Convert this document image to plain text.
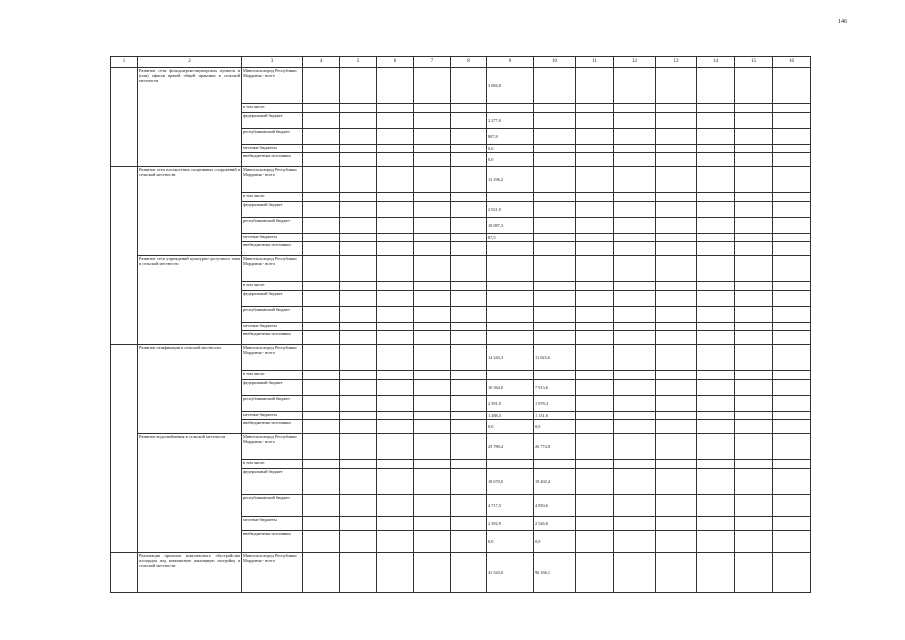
146
1	2	3	4	5	6	7	8	9	10	11	12	13	14	15	16
	Развитие сети фельдшерско-акушерских пунктов и (или) офисов врачей общей практики в сельской местности	Минсельхозпрод Республики Мордовия - всего						3 084,8							
		в том числе:													
		федеральный бюджет						2 277,0							
		республиканский бюджет						807,8							
		местные бюджеты						0,0							
		внебюджетные источники						0,0							
	Развитие сети плоскостных спортивных сооружений в сельской местности	Минсельхозпрод Республики Мордовия - всего						12 196,2							
		в том числе:													
		федеральный бюджет						2 021,9							
		республиканский бюджет						10 087,3							
		местные бюджеты						87,5							
		внебюджетные источники													
	Развитие сети учреждений культурно-досугового типа в сельской местности	Минсельхозпрод Республики Мордовия - всего													
		в том числе:													
		федеральный бюджет													
		республиканский бюджет													
		местные бюджеты													
		внебюджетные источники													
	Развитие газификации в сельской местности	Минсельхозпрод Республики Мордовия - всего						14 243,3	11 023,6						
		в том числе:													
		федеральный бюджет						10 364,0	7 913,6						
		республиканский бюджет						2 591,0	1 978,4						
		местные бюджеты						1 288,3	1 131,6						
		внебюджетные источники						0,0	0,0						
	Развитие водоснабжения в сельской местности	Минсельхозпрод Республики Мордовия - всего						25 780,4	26 774,8						
		в том числе:													
		федеральный бюджет						18 670,0	19 402,4						
		республиканский бюджет						4 717,5	4 850,6						
		местные бюджеты						2 392,9	2 526,8						
		внебюджетные источники						0,0	0,0						
	Реализация проектов комплексного обустройства площадок под компактную жилищную застройку в сельской местности	Минсельхозпрод Республики Мордовия - всего						41 543,0	96 166,1						
